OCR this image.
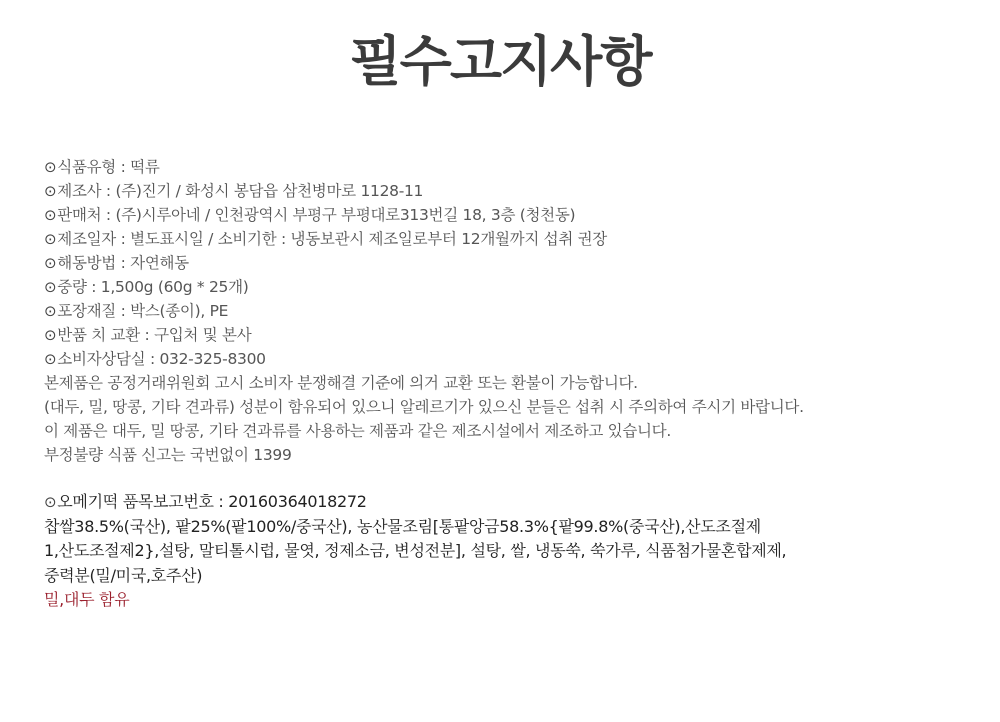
필수고지사항
⊙식품유형 : 떡류
⊙제조사 : (주)진기 / 화성시 봉담읍 삼천병마로 1128-11
⊙판매처 : (주)시루아네 / 인천광역시 부평구 부평대로313번길 18, 3층 (청천동)
⊙제조일자 : 별도표시일 / 소비기한 : 냉동보관시 제조일로부터 12개월까지 섭취 권장
⊙해동방법 : 자연해동
⊙중량 : 1,500g (60g * 25개)
⊙포장재질 : 박스(종이), PE
⊙반품 치 교환 : 구입처 및 본사
⊙소비자상담실 : 032-325-8300
본제품은 공정거래위원회 고시 소비자 분쟁해결 기준에 의거 교환 또는 환불이 가능합니다.
(대두, 밀, 땅콩, 기타 견과류) 성분이 함유되어 있으니 알레르기가 있으신 분들은 섭취 시 주의하여 주시기 바랍니다.
이 제품은 대두, 밀 땅콩, 기타 견과류를 사용하는 제품과 같은 제조시설에서 제조하고 있습니다.
부정불량 식품 신고는 국번없이 1399
⊙오메기떡 품목보고번호 : 20160364018272
찹쌀38.5%(국산), 팥25%(팥100%/중국산), 농산물조림[통팥앙금58.3%{팥99.8%(중국산),산도조절제
1,산도조절제2},설탕, 말티톨시럽, 물엿, 정제소금, 변성전분], 설탕, 쌀, 냉동쑥, 쑥가루, 식품첨가물혼합제제,
중력분(밀/미국,호주산)
밀,대두 함유
